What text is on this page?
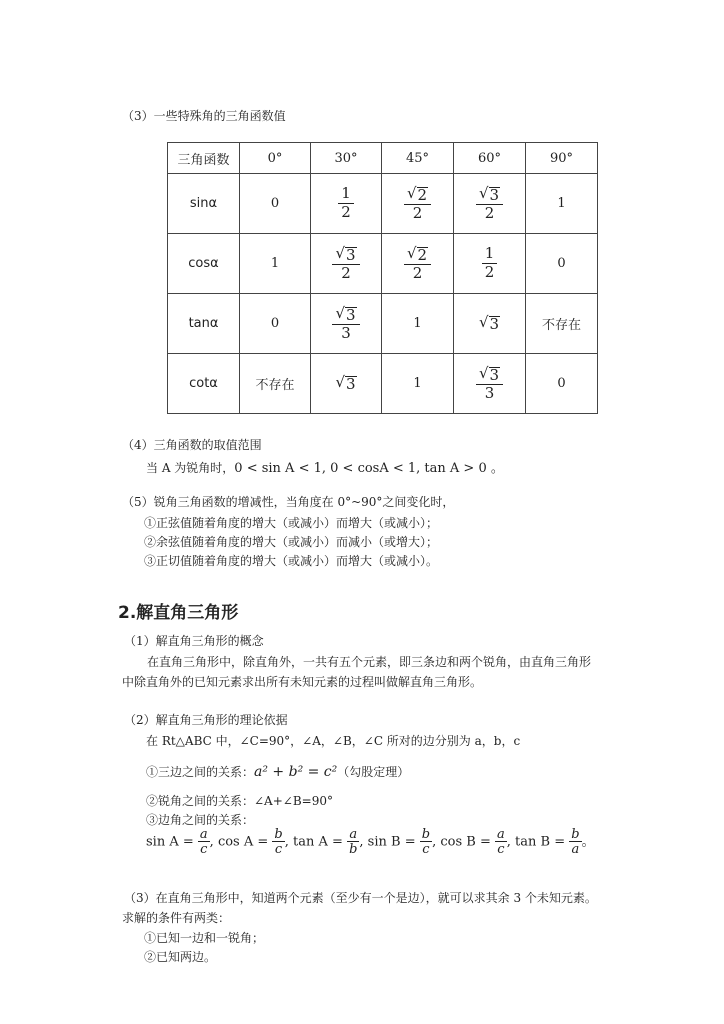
（3）一些特殊角的三角函数值
三角函数	0°	30°	45°	60°	90°
sinα	0	$\frac{1}{2}$	$\frac{√ 2}{2}$	$\frac{√ 3}{2}$	1
cosα	1	$\frac{√ 3}{2}$	$\frac{√ 2}{2}$	$\frac{1}{2}$	0
tanα	0	$\frac{√ 3}{3}$	1	√ 3	不存在
cotα	不存在	√ 3	1	$\frac{√ 3}{3}$	0
（4）三角函数的取值范围
当 A 为锐角时，0 < sin A < 1, 0 < cosA < 1, tan A > 0 。
（5）锐角三角函数的增减性，当角度在 0°~90°之间变化时，
①正弦值随着角度的增大（或减小）而增大（或减小）；
②余弦值随着角度的增大（或减小）而减小（或增大）；
③正切值随着角度的增大（或减小）而增大（或减小）。
2.解直角三角形
（1）解直角三角形的概念
在直角三角形中，除直角外，一共有五个元素，即三条边和两个锐角，由直角三角形
中除直角外的已知元素求出所有未知元素的过程叫做解直角三角形。
（2）解直角三角形的理论依据
在 Rt△ABC 中，∠C=90°，∠A，∠B，∠C 所对的边分别为 a，b，c
①三边之间的关系：a² + b² = c²（勾股定理）
②锐角之间的关系：∠A+∠B=90°
③边角之间的关系：
$\sin A = \frac{a}{c}$ , $\cos A = \frac{b}{c}$ , $\tan A = \frac{a}{b}$ , $\sin B = \frac{b}{c}$ , $\cos B = \frac{a}{c}$ , $\tan B = \frac{b}{a}$ 。
（3）在直角三角形中，知道两个元素（至少有一个是边），就可以求其余 3 个未知元素。
求解的条件有两类：
①已知一边和一锐角；
②已知两边。
